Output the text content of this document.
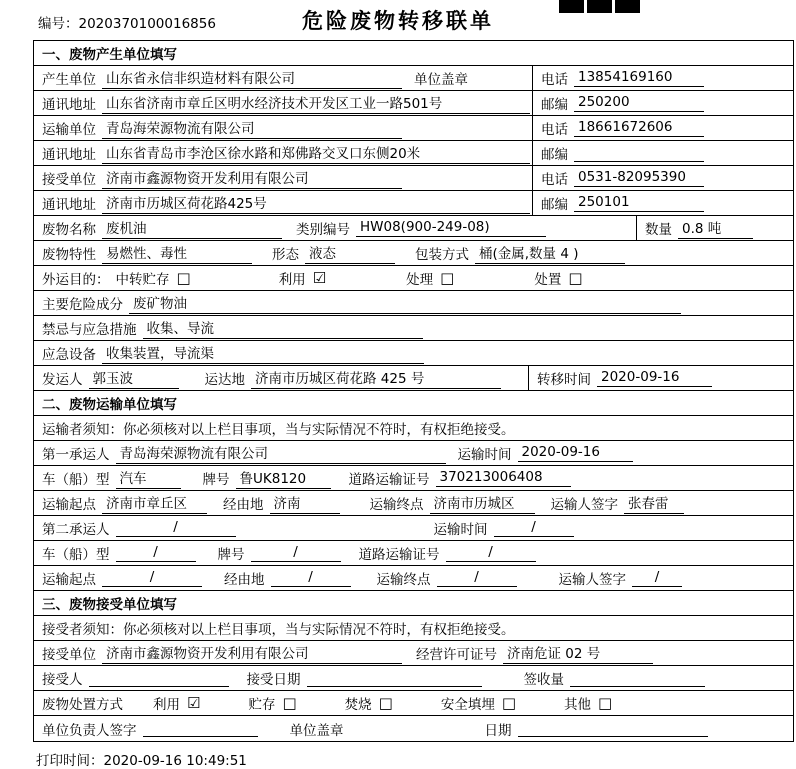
编号：2020370100016856	危险废物转移联单
一、废物产生单位填写
产生单位 山东省永信非织造材料有限公司	单位盖章	电话 13854169160
通讯地址 山东省济南市章丘区明水经济技术开发区工业一路501号	邮编 250200
运输单位 青岛海荣源物流有限公司	电话 18661672606
通讯地址 山东省青岛市李沧区徐水路和郑佛路交叉口东侧20米	邮编
接受单位 济南市鑫源物资开发利用有限公司	电话 0531-82095390
通讯地址 济南市历城区荷花路425号	邮编 250101
废物名称 废机油	类别编号 HW08(900-249-08)	数量 0.8 吨
废物特性 易燃性、毒性	形态 液态	包装方式 桶(金属,数量 4 )
外运目的： 中转贮存 □	利用 ☑	处理 □	处置 □
主要危险成分 废矿物油
禁忌与应急措施 收集、导流
应急设备 收集装置，导流渠
发运人 郭玉波	运达地 济南市历城区荷花路 425 号	转移时间 2020-09-16
二、废物运输单位填写
运输者须知：你必须核对以上栏目事项，当与实际情况不符时，有权拒绝接受。
第一承运人 青岛海荣源物流有限公司	运输时间 2020-09-16
车（船）型 汽车	牌号 鲁UK8120	道路运输证号 370213006408
运输起点 济南市章丘区	经由地 济南	运输终点 济南市历城区	运输人签字 张春雷
第二承运人	/	运输时间	/
车（船）型	/	牌号	/	道路运输证号	/
运输起点	/	经由地	/	运输终点	/	运输人签字	/
三、废物接受单位填写
接受者须知：你必须核对以上栏目事项，当与实际情况不符时，有权拒绝接受。
接受单位 济南市鑫源物资开发利用有限公司	经营许可证号 济南危证 02 号
接受人	接受日期	签收量
废物处置方式 利用 ☑	贮存 □	焚烧 □	安全填埋 □	其他 □
单位负责人签字	单位盖章	日期
打印时间：2020-09-16 10:49:51
